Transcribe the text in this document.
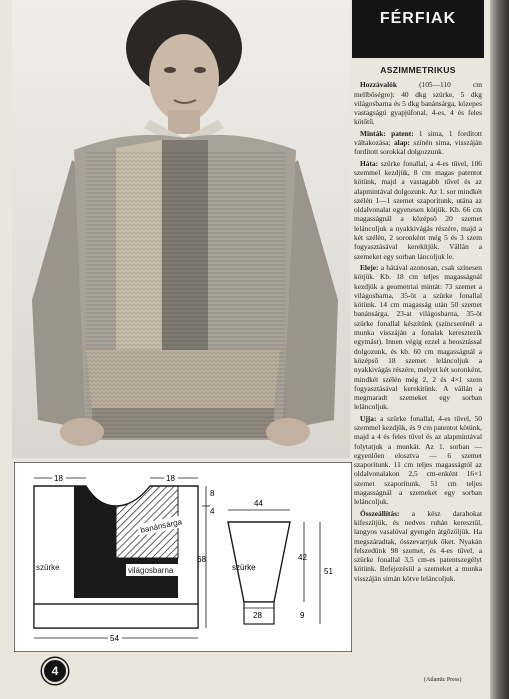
FÉRFIAK
ASZIMMETRIKUS

Hozzávalók (105—110 cm mellbőségre): 40 dkg szürke, 5 dkg világosbarna és 5 dkg banánsárga, közepes vastagságú gyapjúfonal, 4-es, 4 és feles kötőtű.

Minták: patent: 1 sima, 1 fordított váltakozása; alap: színén sima, visszáján fordított sorokkal dolgozzunk.

Háta: szürke fonallal, a 4-es tűvel, 106 szemmel kezdjük, 8 cm magas patentot kötünk, majd a vastagabb tűvel és az alapmintával dolgozunk. Az 1. sor mindkét szélén 1—1 szemet szaporítunk, utána az oldalvonalat egyenesen kötjük. Kb. 66 cm magasságnál a középső 20 szemet leláncoljuk a nyakkivágás részére, majd a két szélén, 2 soronként még 5 és 3 szem fogyasztásával kerekítjük. Vállán a szemeket egy sorban láncoljuk le.

Eleje: a hátával azonosan, csak színesen kötjük. Kb. 18 cm teljes magasságnál kezdjük a geometriai mintát: 73 szemet a világosbarna, 35-öt a szürke fonallal kötünk. 14 cm magasság után 50 szemet banánsárga, 23-at világosbarna, 35-öt szürke fonallal készítünk (színcserénél a munka visszáján a fonalak keresztezik egymást). Innen végig ezzel a beosztással dolgozunk, és kb. 60 cm magasságnál a középső 18 szemet leláncoljuk a nyakkivágás részére, melyet két soronként, mindkét szélén még 2, 2 és 4×1 szem fogyasztásával kerekítünk. A vállán a megmaradt szemeket egy sorban leláncoljuk.

Ujja: a szürke fonallal, 4-es tűvel, 50 szemmel kezdjük, és 9 cm patentot kötünk, majd a 4 és feles tűvel és az alapmintával folytatjuk a munkát. Az 1. sorban — egyenlően elosztva — 6 szemet szaporítunk. 11 cm teljes magasságtól az oldalvonalakon 2,5 cm-enként 16×1 szemet szaporítunk. 51 cm teljes magasságnál a szemeket egy sorban leláncoljuk.

Összeállítás: a kész darabokat kifeszítjük, és nedves ruhán keresztül, langyos vasalóval gyengén átgőzöljük. Ha megszáradtak, összevarrjuk őket. Nyakán felszedünk 98 szemet, és 4-es tűvel, a szürke fonallal 3,5 cm-es patentszegélyt kötünk. Befejezésül a szemeket a munka visszáján simán kötve leláncoljuk.

szürke	világosbarna
banánsárga
18	18
54
8
4
68
szürke
44
28
42
51
9
(Atlantic Press)
4
